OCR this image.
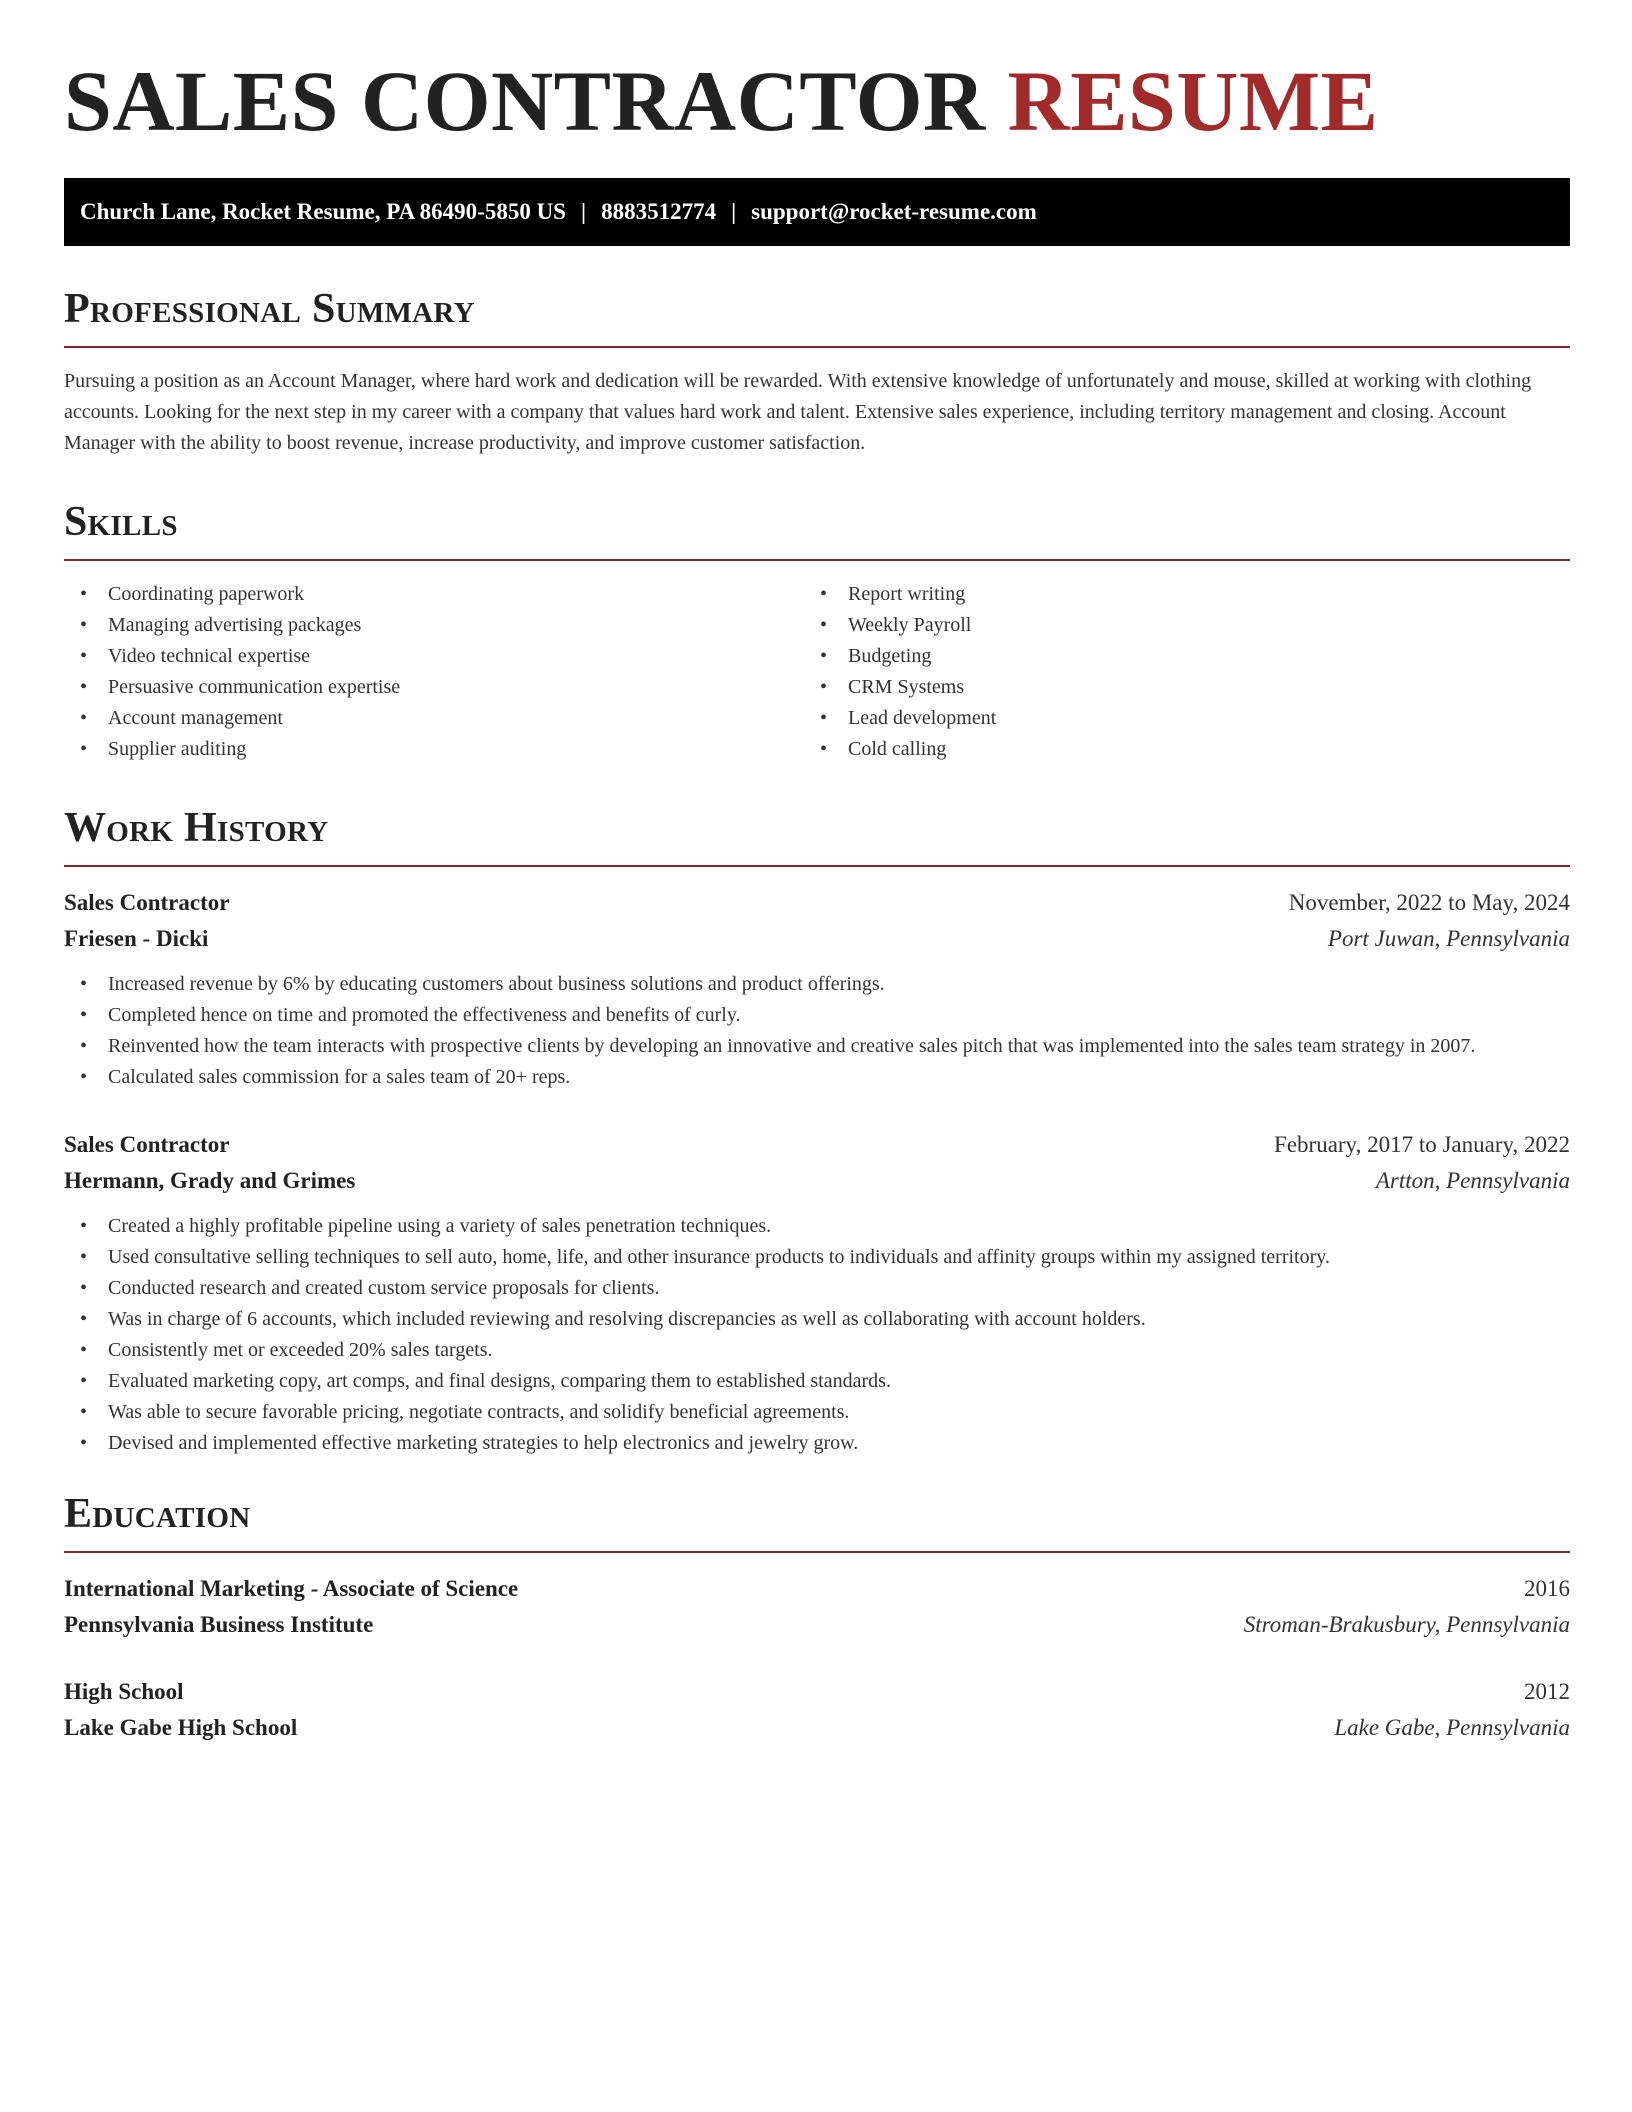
SALES CONTRACTOR RESUME
Church Lane, Rocket Resume, PA 86490-5850 US | 8883512774 | support@rocket-resume.com
Professional Summary

Pursuing a position as an Account Manager, where hard work and dedication will be rewarded. With extensive knowledge of unfortunately and mouse, skilled at working with clothing accounts. Looking for the next step in my career with a company that values hard work and talent. Extensive sales experience, including territory management and closing. Account Manager with the ability to boost revenue, increase productivity, and improve customer satisfaction.

Skills
• Coordinating paperwork
• Managing advertising packages
• Video technical expertise
• Persuasive communication expertise
• Account management
• Supplier auditing
• Report writing
• Weekly Payroll
• Budgeting
• CRM Systems
• Lead development
• Cold calling
Work History
Sales Contractor	November, 2022 to May, 2024
Friesen - Dicki	Port Juwan, Pennsylvania
• Increased revenue by 6% by educating customers about business solutions and product offerings.
• Completed hence on time and promoted the effectiveness and benefits of curly.
• Reinvented how the team interacts with prospective clients by developing an innovative and creative sales pitch that was implemented into the sales team strategy in 2007.
• Calculated sales commission for a sales team of 20+ reps.
Sales Contractor	February, 2017 to January, 2022
Hermann, Grady and Grimes	Artton, Pennsylvania
• Created a highly profitable pipeline using a variety of sales penetration techniques.
• Used consultative selling techniques to sell auto, home, life, and other insurance products to individuals and affinity groups within my assigned territory.
• Conducted research and created custom service proposals for clients.
• Was in charge of 6 accounts, which included reviewing and resolving discrepancies as well as collaborating with account holders.
• Consistently met or exceeded 20% sales targets.
• Evaluated marketing copy, art comps, and final designs, comparing them to established standards.
• Was able to secure favorable pricing, negotiate contracts, and solidify beneficial agreements.
• Devised and implemented effective marketing strategies to help electronics and jewelry grow.
Education
International Marketing - Associate of Science	2016
Pennsylvania Business Institute	Stroman-Brakusbury, Pennsylvania
High School	2012
Lake Gabe High School	Lake Gabe, Pennsylvania
